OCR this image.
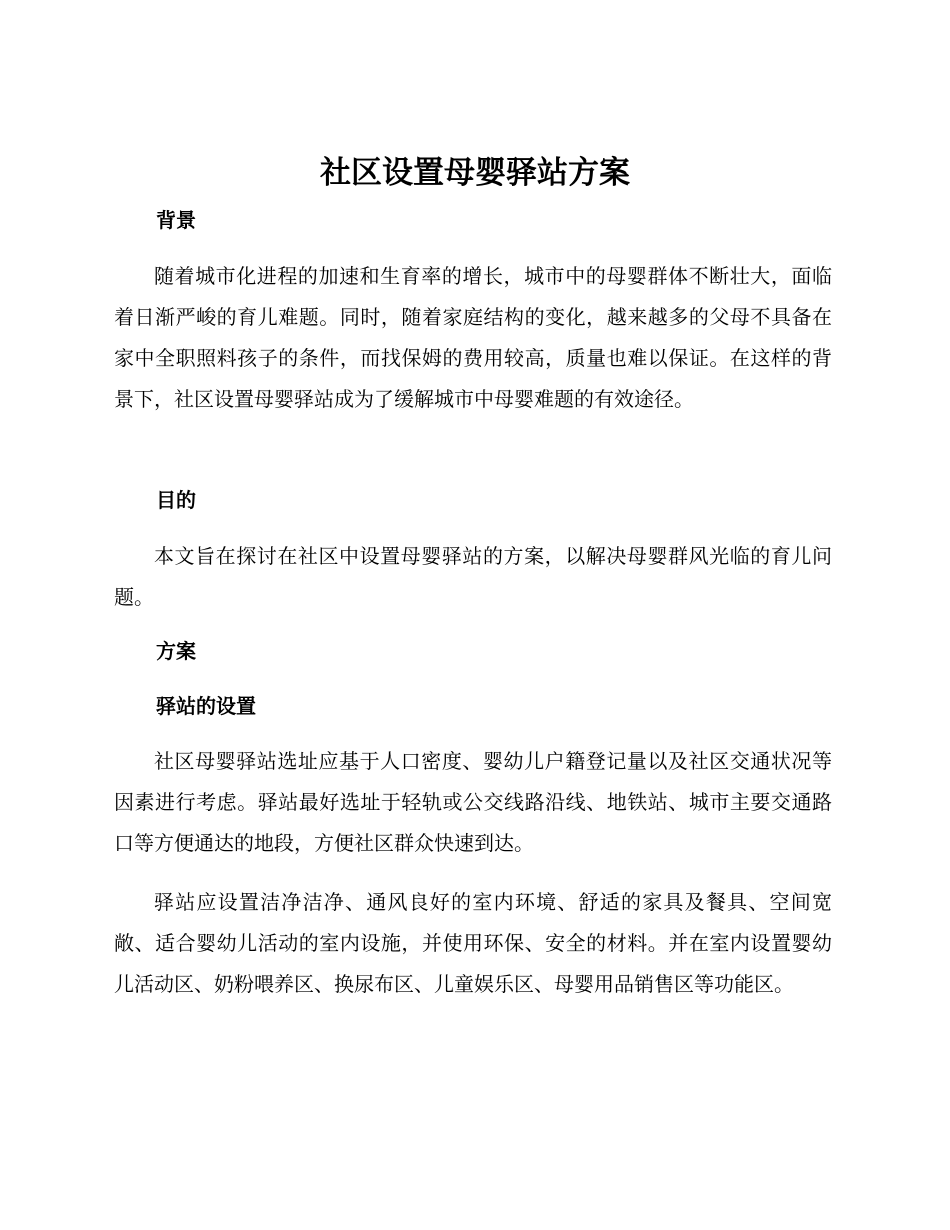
社区设置母婴驿站方案
背景

随着城市化进程的加速和生育率的增长，城市中的母婴群体不断壮大，面临着日渐严峻的育儿难题。同时，随着家庭结构的变化，越来越多的父母不具备在家中全职照料孩子的条件，而找保姆的费用较高，质量也难以保证。在这样的背景下，社区设置母婴驿站成为了缓解城市中母婴难题的有效途径。

目的

本文旨在探讨在社区中设置母婴驿站的方案，以解决母婴群风光临的育儿问题。

方案
驿站的设置

社区母婴驿站选址应基于人口密度、婴幼儿户籍登记量以及社区交通状况等因素进行考虑。驿站最好选址于轻轨或公交线路沿线、地铁站、城市主要交通路口等方便通达的地段，方便社区群众快速到达。

驿站应设置洁净洁净、通风良好的室内环境、舒适的家具及餐具、空间宽敞、适合婴幼儿活动的室内设施，并使用环保、安全的材料。并在室内设置婴幼儿活动区、奶粉喂养区、换尿布区、儿童娱乐区、母婴用品销售区等功能区。
